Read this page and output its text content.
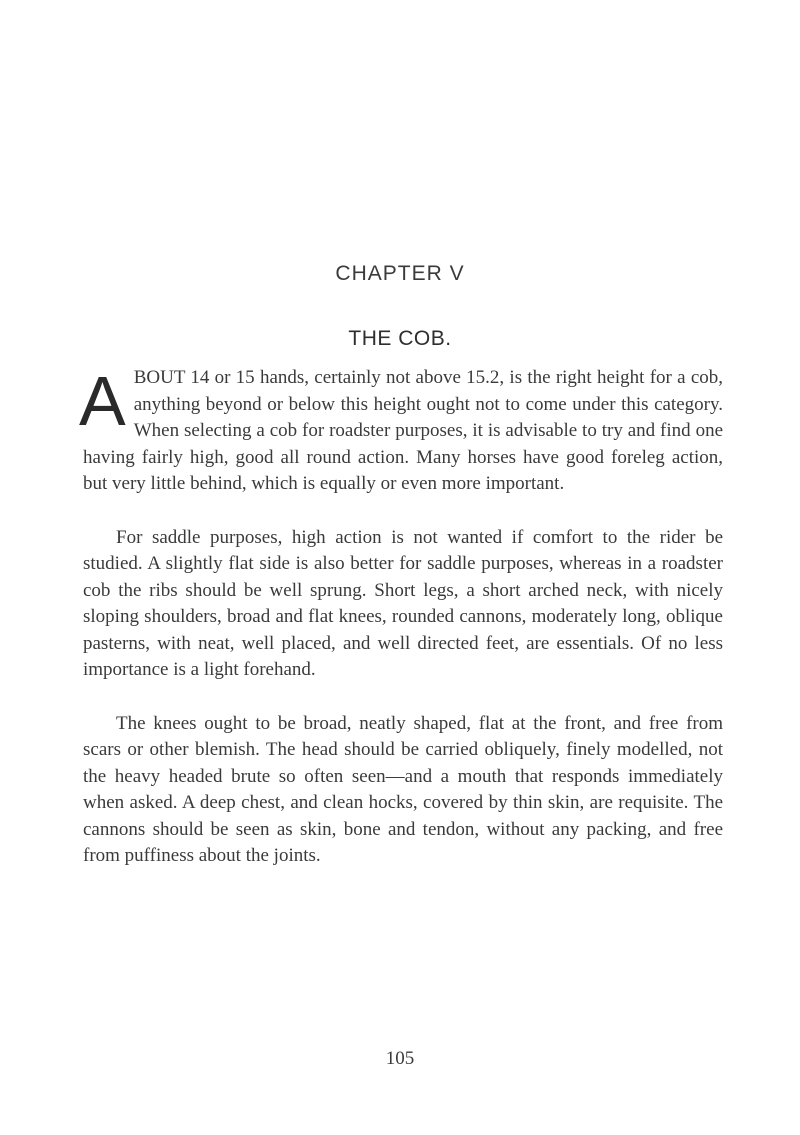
CHAPTER V
THE COB.

ABOUT 14 or 15 hands, certainly not above 15.2, is the right height for a cob, anything beyond or below this height ought not to come under this category. When selecting a cob for roadster purposes, it is advisable to try and find one having fairly high, good all round action. Many horses have good foreleg action, but very little behind, which is equally or even more important.

For saddle purposes, high action is not wanted if comfort to the rider be studied. A slightly flat side is also better for saddle purposes, whereas in a roadster cob the ribs should be well sprung. Short legs, a short arched neck, with nicely sloping shoulders, broad and flat knees, rounded cannons, moderately long, oblique pasterns, with neat, well placed, and well directed feet, are essentials. Of no less importance is a light forehand.

The knees ought to be broad, neatly shaped, flat at the front, and free from scars or other blemish. The head should be carried obliquely, finely modelled, not the heavy headed brute so often seen—and a mouth that responds immediately when asked. A deep chest, and clean hocks, covered by thin skin, are requisite. The cannons should be seen as skin, bone and tendon, without any packing, and free from puffiness about the joints.

105
